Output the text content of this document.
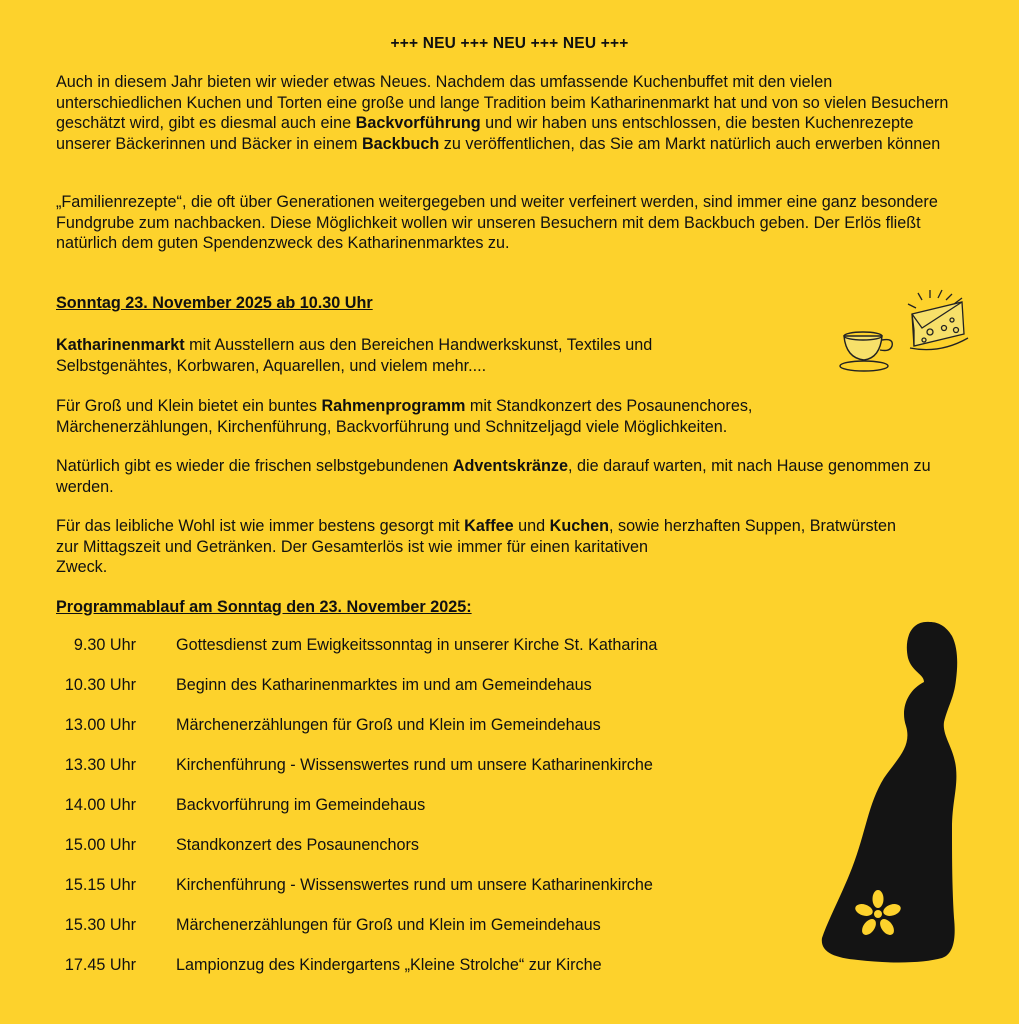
+++ NEU +++ NEU +++ NEU +++

Auch in diesem Jahr bieten wir wieder etwas Neues. Nachdem das umfassende Kuchenbuffet mit den vielen unterschiedlichen Kuchen und Torten eine große und lange Tradition beim Katharinenmarkt hat und von so vielen Besuchern geschätzt wird, gibt es diesmal auch eine Backvorführung und wir haben uns entschlossen, die besten Kuchenrezepte unserer Bäckerinnen und Bäcker in einem Backbuch zu veröffentlichen, das Sie am Markt natürlich auch erwerben können

„Familienrezepte“, die oft über Generationen weitergegeben und weiter verfeinert werden, sind immer eine ganz besondere Fundgrube zum nachbacken. Diese Möglichkeit wollen wir unseren Besuchern mit dem Backbuch geben. Der Erlös fließt natürlich dem guten Spendenzweck des Katharinenmarktes zu.

Sonntag 23. November 2025 ab 10.30 Uhr

Katharinenmarkt mit Ausstellern aus den Bereichen Handwerkskunst, Textiles und Selbstgenähtes, Korbwaren, Aquarellen, und vielem mehr....

Für Groß und Klein bietet ein buntes Rahmenprogramm mit Standkonzert des Posaunenchores, Märchenerzählungen, Kirchenführung, Backvorführung und Schnitzeljagd viele Möglichkeiten.

Natürlich gibt es wieder die frischen selbstgebundenen Adventskränze, die darauf warten, mit nach Hause genommen zu werden.

Für das leibliche Wohl ist wie immer bestens gesorgt mit Kaffee und Kuchen, sowie herzhaften Suppen, Bratwürsten zur Mittagszeit und Getränken. Der Gesamterlös ist wie immer für einen karitativen
Zweck.

Programmablauf am Sonntag den 23. November 2025:
9.30 Uhr Gottesdienst zum Ewigkeitssonntag in unserer Kirche St. Katharina
10.30 Uhr Beginn des Katharinenmarktes im und am Gemeindehaus
13.00 Uhr Märchenerzählungen für Groß und Klein im Gemeindehaus
13.30 Uhr Kirchenführung - Wissenswertes rund um unsere Katharinenkirche
14.00 Uhr Backvorführung im Gemeindehaus
15.00 Uhr Standkonzert des Posaunenchors
15.15 Uhr Kirchenführung - Wissenswertes rund um unsere Katharinenkirche
15.30 Uhr Märchenerzählungen für Groß und Klein im Gemeindehaus
17.45 Uhr Lampionzug des Kindergartens „Kleine Strolche“ zur Kirche
